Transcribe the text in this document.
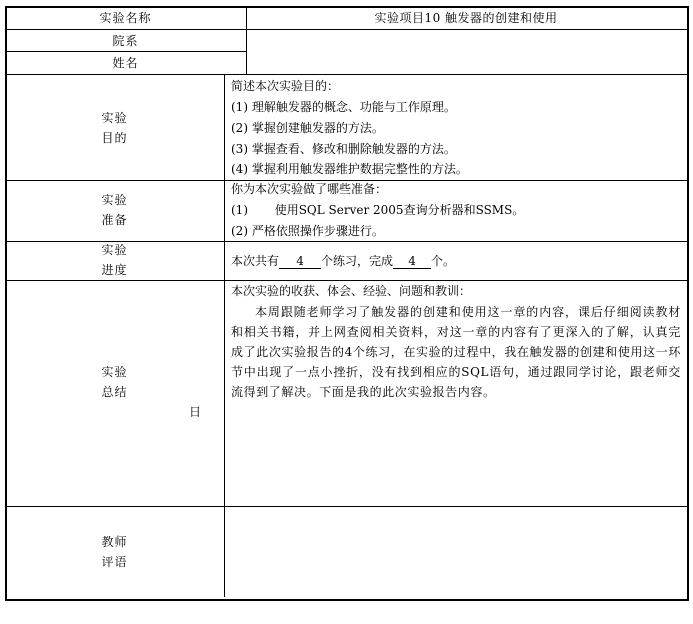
实验名称	实验项目10 触发器的创建和使用
院系
姓名
实验
目的
简述本次实验目的：
(1) 理解触发器的概念、功能与工作原理。
(2) 掌握创建触发器的方法。
(3) 掌握查看、修改和删除触发器的方法。
(4) 掌握利用触发器维护数据完整性的方法。
实验
准备
你为本次实验做了哪些准备：
(1)       使用SQL Server 2005查询分析器和SSMS。
(2) 严格依照操作步骤进行。
实验
进度
本次共有 4 个练习，完成 4 个。
实验
总结
日
本次实验的收获、体会、经验、问题和教训：
本周跟随老师学习了触发器的创建和使用这一章的内容，课后仔细阅读教材和相关书籍，并上网查阅相关资料，对这一章的内容有了更深入的了解，认真完成了此次实验报告的4个练习，在实验的过程中，我在触发器的创建和使用这一环节中出现了一点小挫折，没有找到相应的SQL语句，通过跟同学讨论，跟老师交流得到了解决。下面是我的此次实验报告内容。
教师
评语
